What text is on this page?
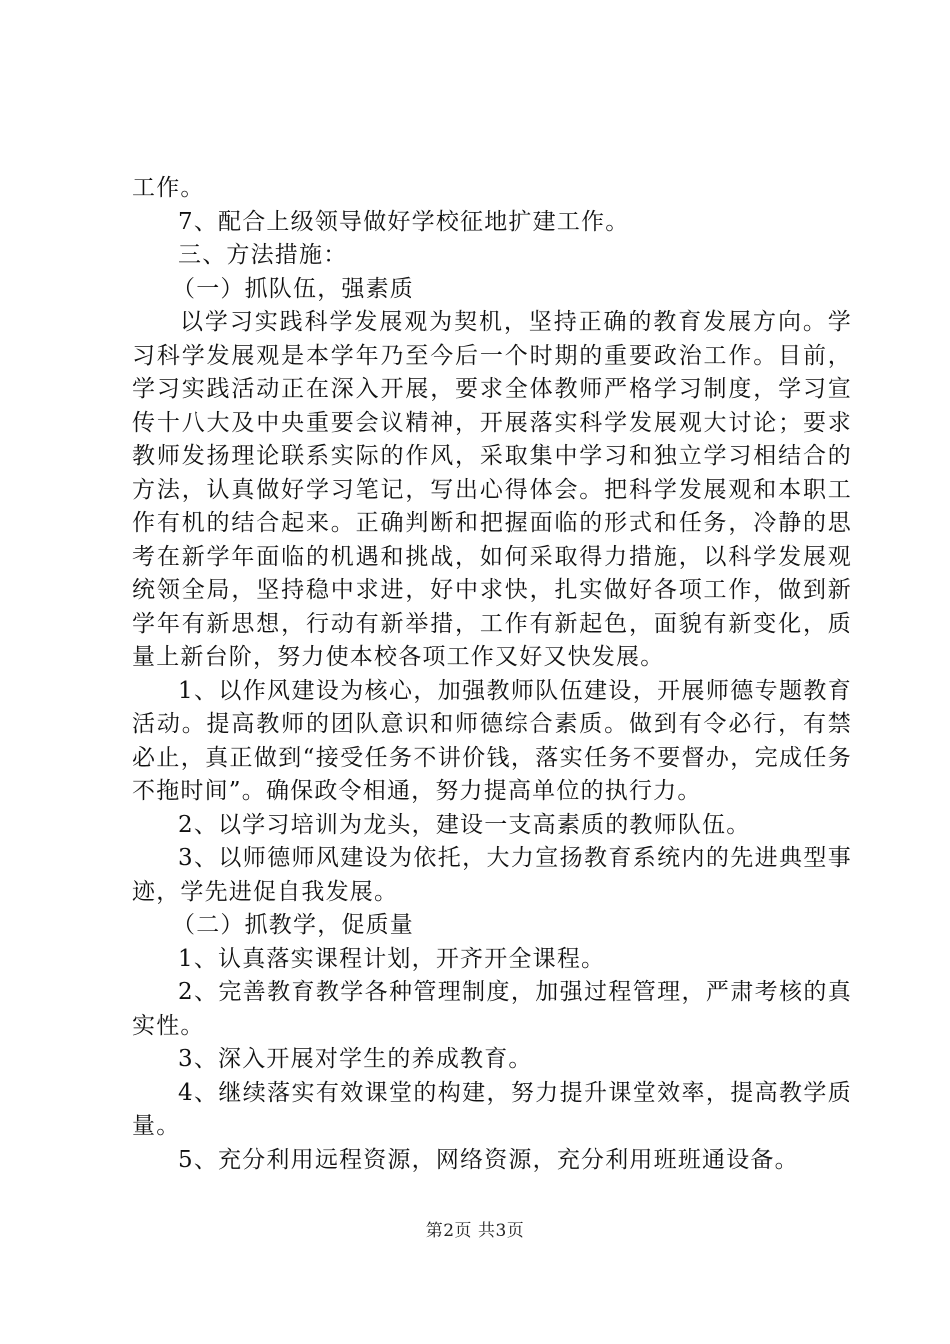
工作。

7、配合上级领导做好学校征地扩建工作。

三、方法措施：

（一）抓队伍，强素质

以学习实践科学发展观为契机，坚持正确的教育发展方向。学习科学发展观是本学年乃至今后一个时期的重要政治工作。目前，学习实践活动正在深入开展，要求全体教师严格学习制度，学习宣传十八大及中央重要会议精神，开展落实科学发展观大讨论；要求教师发扬理论联系实际的作风，采取集中学习和独立学习相结合的方法，认真做好学习笔记，写出心得体会。把科学发展观和本职工作有机的结合起来。正确判断和把握面临的形式和任务，冷静的思考在新学年面临的机遇和挑战，如何采取得力措施，以科学发展观统领全局，坚持稳中求进，好中求快，扎实做好各项工作，做到新学年有新思想，行动有新举措，工作有新起色，面貌有新变化，质量上新台阶，努力使本校各项工作又好又快发展。

1、以作风建设为核心，加强教师队伍建设，开展师德专题教育活动。提高教师的团队意识和师德综合素质。做到有令必行，有禁必止，真正做到“接受任务不讲价钱，落实任务不要督办，完成任务不拖时间”。确保政令相通，努力提高单位的执行力。

2、以学习培训为龙头，建设一支高素质的教师队伍。

3、以师德师风建设为依托，大力宣扬教育系统内的先进典型事迹，学先进促自我发展。

（二）抓教学，促质量

1、认真落实课程计划，开齐开全课程。

2、完善教育教学各种管理制度，加强过程管理，严肃考核的真实性。

3、深入开展对学生的养成教育。

4、继续落实有效课堂的构建，努力提升课堂效率，提高教学质量。

5、充分利用远程资源，网络资源，充分利用班班通设备。

第2页 共3页
